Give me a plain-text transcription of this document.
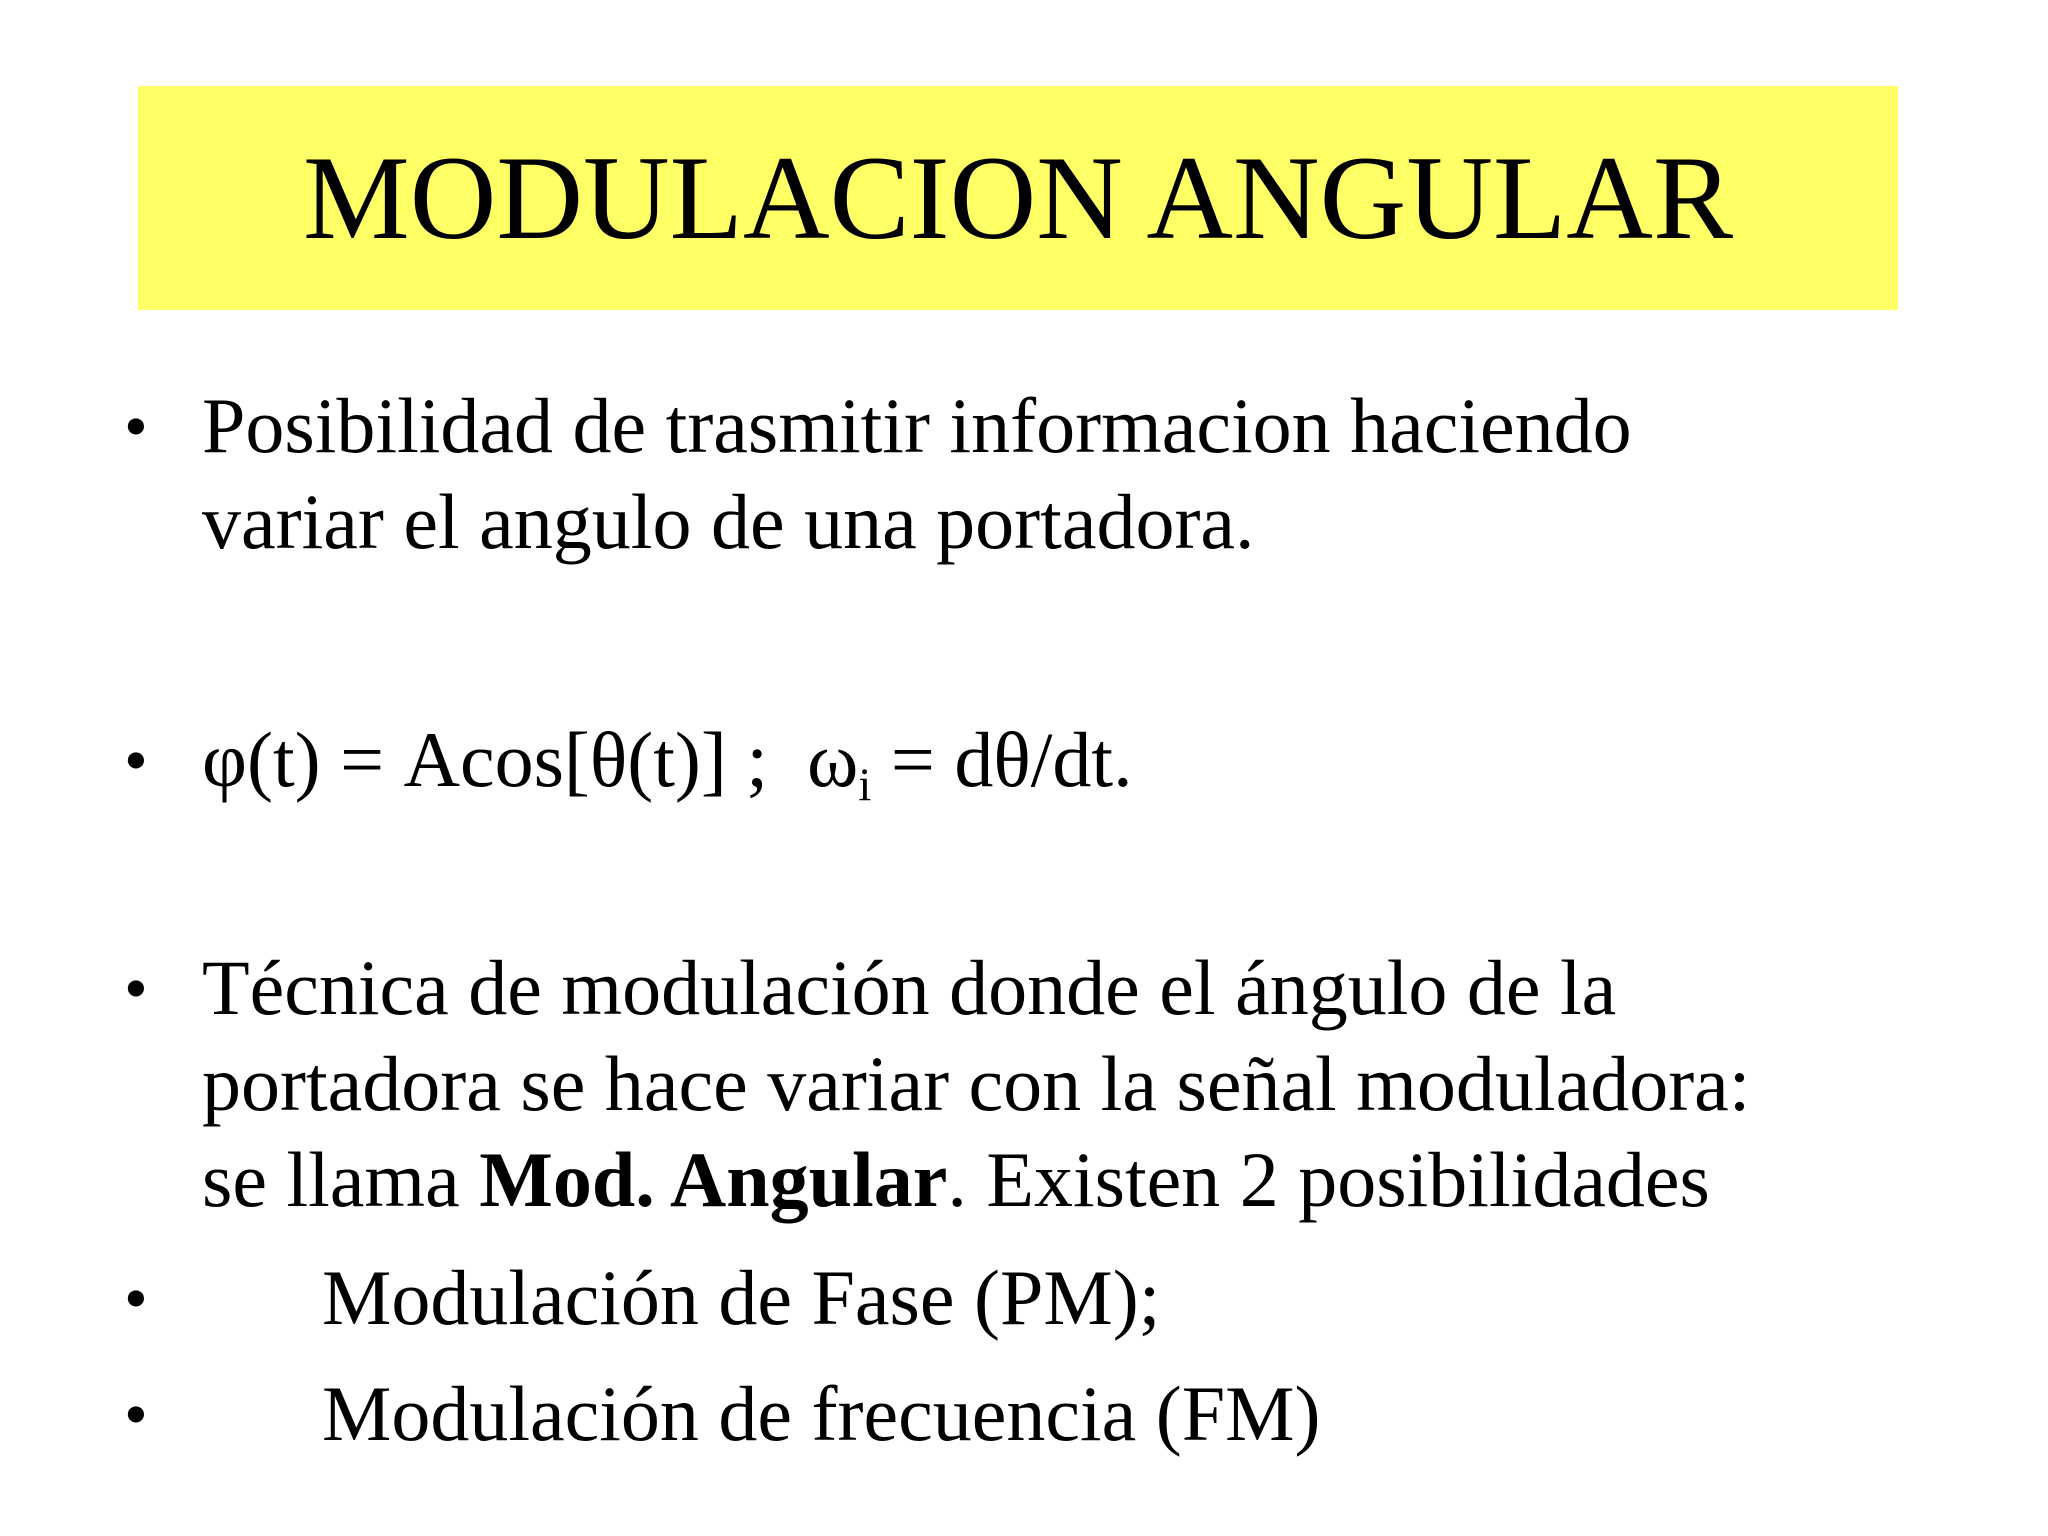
MODULACION ANGULAR
• Posibilidad de trasmitir informacion haciendo
variar el angulo de una portadora.
• φ(t) = Acos[θ(t)] ;  $\omega_i = d\theta/dt$.
• Técnica de modulación donde el ángulo de la
portadora se hace variar con la señal moduladora:
se llama Mod. Angular. Existen 2 posibilidades
• Modulación de Fase (PM);
• Modulación de frecuencia (FM)
